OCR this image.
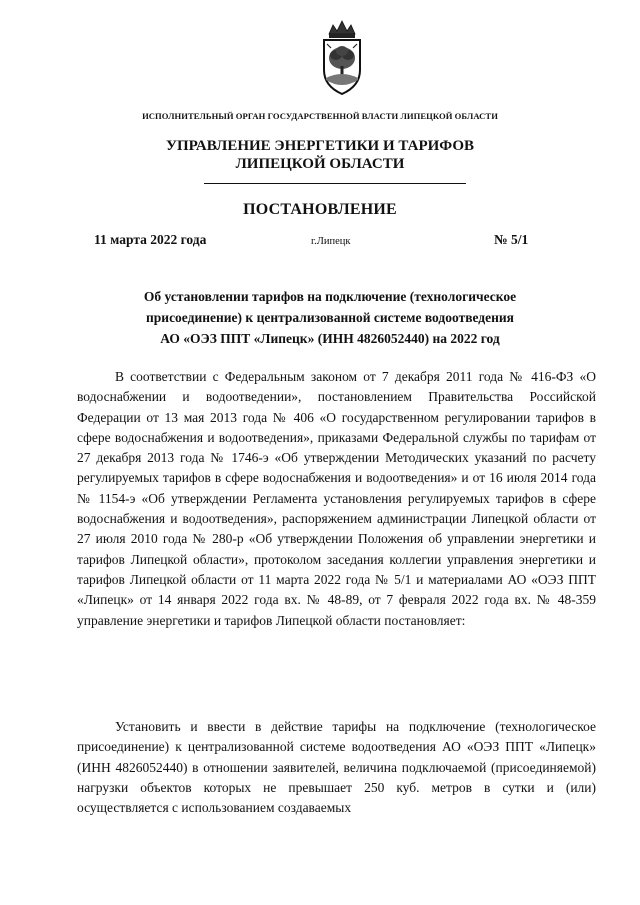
ИСПОЛНИТЕЛЬНЫЙ ОРГАН ГОСУДАРСТВЕННОЙ ВЛАСТИ ЛИПЕЦКОЙ ОБЛАСТИ
УПРАВЛЕНИЕ ЭНЕРГЕТИКИ И ТАРИФОВ
ЛИПЕЦКОЙ ОБЛАСТИ
ПОСТАНОВЛЕНИЕ
11 марта 2022 года	г.Липецк	№ 5/1
Об установлении тарифов на подключение (технологическое
присоединение) к централизованной системе водоотведения
АО «ОЭЗ ППТ «Липецк» (ИНН 4826052440) на 2022 год

В соответствии с Федеральным законом от 7 декабря 2011 года № 416-ФЗ «О водоснабжении и водоотведении», постановлением Правительства Российской Федерации от 13 мая 2013 года № 406 «О государственном регулировании тарифов в сфере водоснабжения и водоотведения», приказами Федеральной службы по тарифам от 27 декабря 2013 года № 1746-э «Об утверждении Методических указаний по расчету регулируемых тарифов в сфере водоснабжения и водоотведения» и от 16 июля 2014 года № 1154-э «Об утверждении Регламента установления регулируемых тарифов в сфере водоснабжения и водоотведения», распоряжением администрации Липецкой области от 27 июля 2010 года № 280-р «Об утверждении Положения об управлении энергетики и тарифов Липецкой области», протоколом заседания коллегии управления энергетики и тарифов Липецкой области от 11 марта 2022 года № 5/1 и материалами АО «ОЭЗ ППТ «Липецк» от 14 января 2022 года вх. № 48-89, от 7 февраля 2022 года вх. № 48-359 управление энергетики и тарифов Липецкой области постановляет:

Установить и ввести в действие тарифы на подключение (технологическое присоединение) к централизованной системе водоотведения АО «ОЭЗ ППТ «Липецк» (ИНН 4826052440) в отношении заявителей, величина подключаемой (присоединяемой) нагрузки объектов которых не превышает 250 куб. метров в сутки и (или) осуществляется с использованием создаваемых
